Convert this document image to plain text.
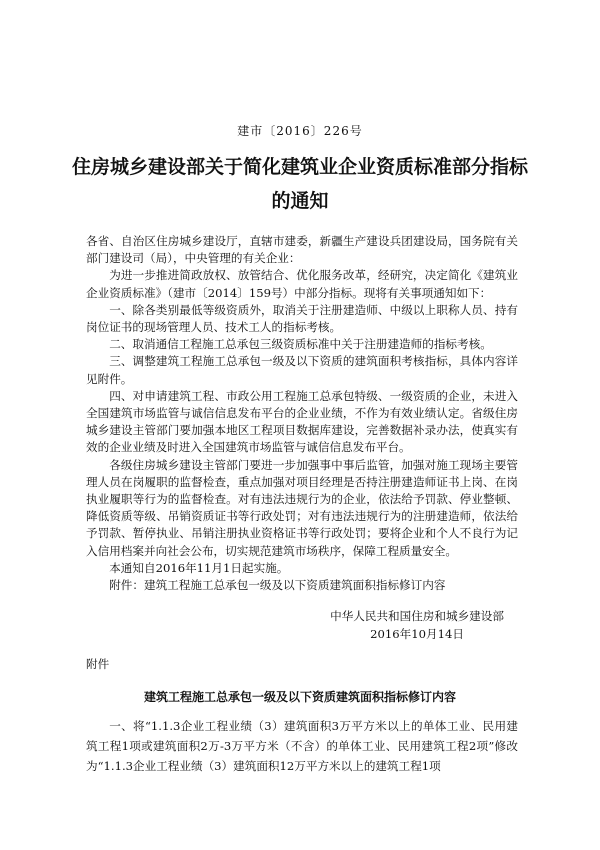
建市〔2016〕226号
住房城乡建设部关于简化建筑业企业资质标准部分指标的通知

各省、自治区住房城乡建设厅，直辖市建委，新疆生产建设兵团建设局，国务院有关部门建设司（局），中央管理的有关企业：

为进一步推进简政放权、放管结合、优化服务改革，经研究，决定简化《建筑业企业资质标准》（建市〔2014〕159号）中部分指标。现将有关事项通知如下：

一、除各类别最低等级资质外，取消关于注册建造师、中级以上职称人员、持有岗位证书的现场管理人员、技术工人的指标考核。

二、取消通信工程施工总承包三级资质标准中关于注册建造师的指标考核。

三、调整建筑工程施工总承包一级及以下资质的建筑面积考核指标，具体内容详见附件。

四、对申请建筑工程、市政公用工程施工总承包特级、一级资质的企业，未进入全国建筑市场监管与诚信信息发布平台的企业业绩，不作为有效业绩认定。省级住房城乡建设主管部门要加强本地区工程项目数据库建设，完善数据补录办法，使真实有效的企业业绩及时进入全国建筑市场监管与诚信信息发布平台。

各级住房城乡建设主管部门要进一步加强事中事后监管，加强对施工现场主要管理人员在岗履职的监督检查，重点加强对项目经理是否持注册建造师证书上岗、在岗执业履职等行为的监督检查。对有违法违规行为的企业，依法给予罚款、停业整顿、降低资质等级、吊销资质证书等行政处罚；对有违法违规行为的注册建造师，依法给予罚款、暂停执业、吊销注册执业资格证书等行政处罚；要将企业和个人不良行为记入信用档案并向社会公布，切实规范建筑市场秩序，保障工程质量安全。

本通知自2016年11月1日起实施。

附件：建筑工程施工总承包一级及以下资质建筑面积指标修订内容

中华人民共和国住房和城乡建设部
2016年10月14日
附件
建筑工程施工总承包一级及以下资质建筑面积指标修订内容

一、将“1.1.3企业工程业绩（3）建筑面积3万平方米以上的单体工业、民用建筑工程1项或建筑面积2万-3万平方米（不含）的单体工业、民用建筑工程2项”修改为“1.1.3企业工程业绩（3）建筑面积12万平方米以上的建筑工程1项
